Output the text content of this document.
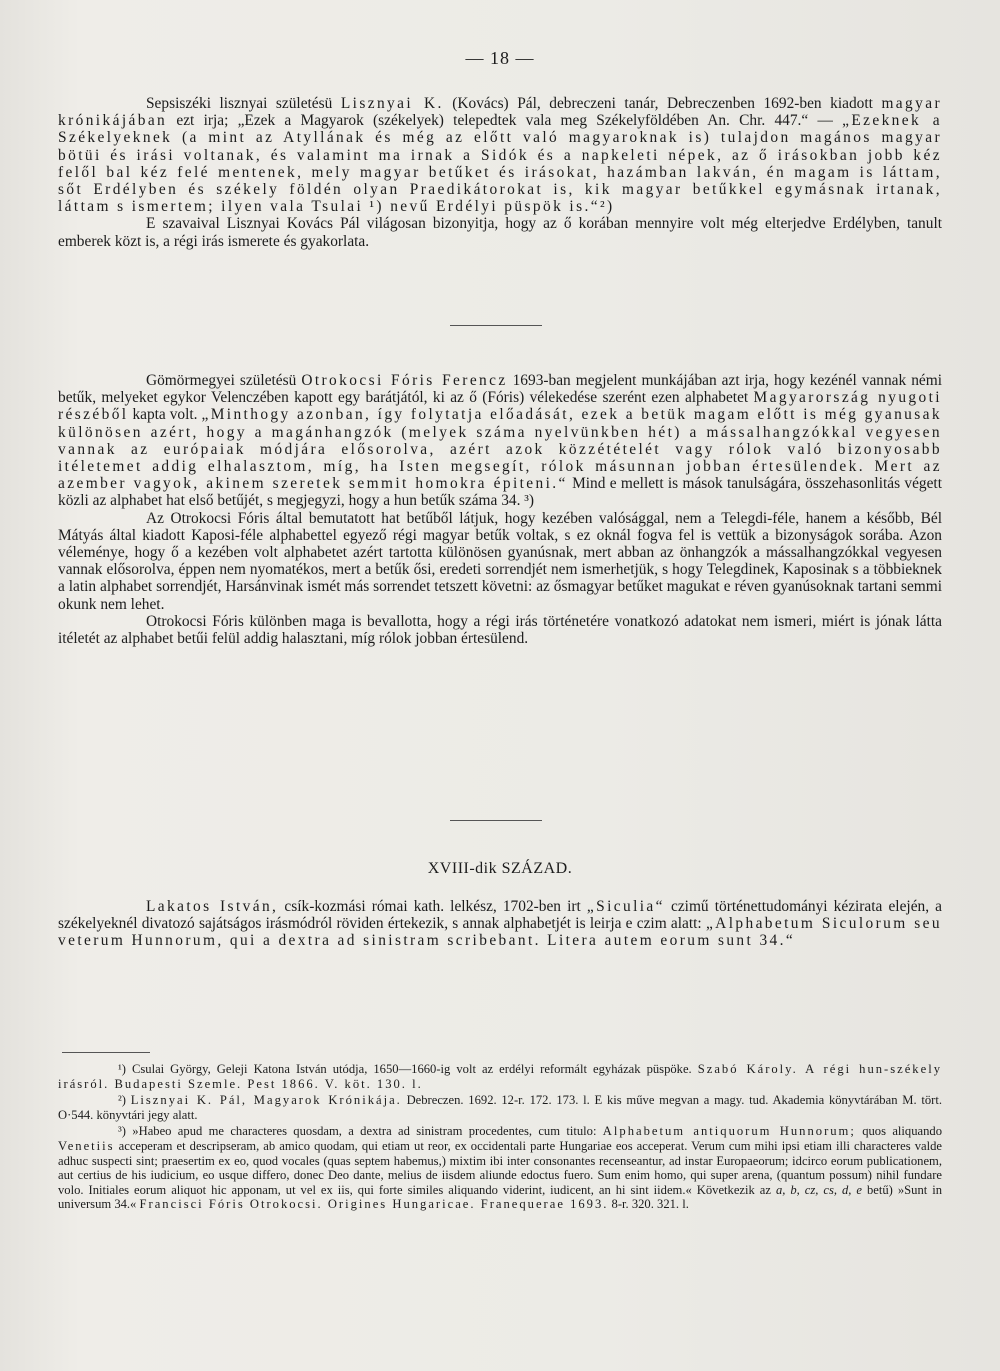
— 18 —

Sepsiszéki lisznyai születésü Lisznyai K. (Kovács) Pál, debreczeni tanár, Debreczenben 1692-ben kiadott magyar krónikájában ezt irja; „Ezek a Magyarok (székelyek) telepedtek vala meg Székelyföldében An. Chr. 447.“ — „Ezeknek a Székelyeknek (a mint az Atyllának és még az előtt való magyaroknak is) tulajdon magános magyar bötüi és irási voltanak, és valamint ma irnak a Sidók és a napkeleti népek, az ő irásokban jobb kéz felől bal kéz felé mentenek, mely magyar betűket és irásokat, hazámban lakván, én magam is láttam, sőt Erdélyben és székely földén olyan Praedikátorokat is, kik magyar betűkkel egymásnak irtanak, láttam s ismertem; ilyen vala Tsulai ¹) nevű Erdélyi püspök is.“²)

E szavaival Lisznyai Kovács Pál világosan bizonyitja, hogy az ő korában mennyire volt még elterjedve Erdélyben, tanult emberek közt is, a régi irás ismerete és gyakorlata.

Gömörmegyei születésü Otrokocsi Fóris Ferencz 1693-ban megjelent munkájában azt irja, hogy kezénél vannak némi betűk, melyeket egykor Velenczében kapott egy barátjától, ki az ő (Fóris) vélekedése szerént ezen alphabetet Magyarország nyugoti részéből kapta volt. „Minthogy azonban, így folytatja előadását, ezek a betük magam előtt is még gyanusak különösen azért, hogy a magánhangzók (melyek száma nyelvünkben hét) a mássalhangzókkal vegyesen vannak az európaiak módjára elősorolva, azért azok közzétételét vagy rólok való bizonyosabb itéletemet addig elhalasztom, míg, ha Isten megsegít, rólok másunnan jobban értesülendek. Mert az azember vagyok, akinem szeretek semmit homokra épiteni.“ Mind e mellett is mások tanulságára, összehasonlitás végett közli az alphabet hat első betűjét, s megjegyzi, hogy a hun betűk száma 34. ³)

Az Otrokocsi Fóris által bemutatott hat betűből látjuk, hogy kezében valósággal, nem a Telegdi-féle, hanem a később, Bél Mátyás által kiadott Kaposi-féle alphabettel egyező régi magyar betűk voltak, s ez oknál fogva fel is vettük a bizonyságok sorába. Azon véleménye, hogy ő a kezében volt alphabetet azért tartotta különösen gyanúsnak, mert abban az önhangzók a mássalhangzókkal vegyesen vannak elősorolva, éppen nem nyomatékos, mert a betűk ősi, eredeti sorrendjét nem ismerhetjük, s hogy Telegdinek, Kaposinak s a többieknek a latin alphabet sorrendjét, Harsánvinak ismét más sorrendet tetszett követni: az ősmagyar betűket magukat e réven gyanúsoknak tartani semmi okunk nem lehet.

Otrokocsi Fóris különben maga is bevallotta, hogy a régi irás történetére vonatkozó adatokat nem ismeri, miért is jónak látta itéletét az alphabet betűi felül addig halasztani, míg rólok jobban értesülend.

XVIII-dik SZÁZAD.

Lakatos István, csík-kozmási római kath. lelkész, 1702-ben irt „Siculia“ czimű történettudományi kézirata elején, a székelyeknél divatozó sajátságos irásmódról röviden értekezik, s annak alphabetjét is leirja e czim alatt: „Alphabetum Siculorum seu veterum Hunnorum, qui a dextra ad sinistram scribebant. Litera autem eorum sunt 34.“

¹) Csulai György, Geleji Katona István utódja, 1650—1660-ig volt az erdélyi reformált egyházak püspöke. Szabó Károly. A régi hun-székely irásról. Budapesti Szemle. Pest 1866. V. köt. 130. l.

²) Lisznyai K. Pál, Magyarok Krónikája. Debreczen. 1692. 12-r. 172. 173. l. E kis műve megvan a magy. tud. Akademia könyvtárában M. tört. O·544. könyvtári jegy alatt.

³) »Habeo apud me characteres quosdam, a dextra ad sinistram procedentes, cum titulo: Alphabetum antiquorum Hunnorum; quos aliquando Venetiis acceperam et descripseram, ab amico quodam, qui etiam ut reor, ex occidentali parte Hungariae eos acceperat. Verum cum mihi ipsi etiam illi characteres valde adhuc suspecti sint; praesertim ex eo, quod vocales (quas septem habemus,) mixtim ibi inter consonantes recenseantur, ad instar Europaeorum; idcirco eorum publicationem, aut certius de his iudicium, eo usque differo, donec Deo dante, melius de iisdem aliunde edoctus fuero. Sum enim homo, qui super arena, (quantum possum) nihil fundare volo. Initiales eorum aliquot hic apponam, ut vel ex iis, qui forte similes aliquando viderint, iudicent, an hi sint iidem.« Következik az a, b, cz, cs, d, e betű) »Sunt in universum 34.« Francisci Fóris Otrokocsi. Origines Hungaricae. Franequerae 1693. 8-r. 320. 321. l.
